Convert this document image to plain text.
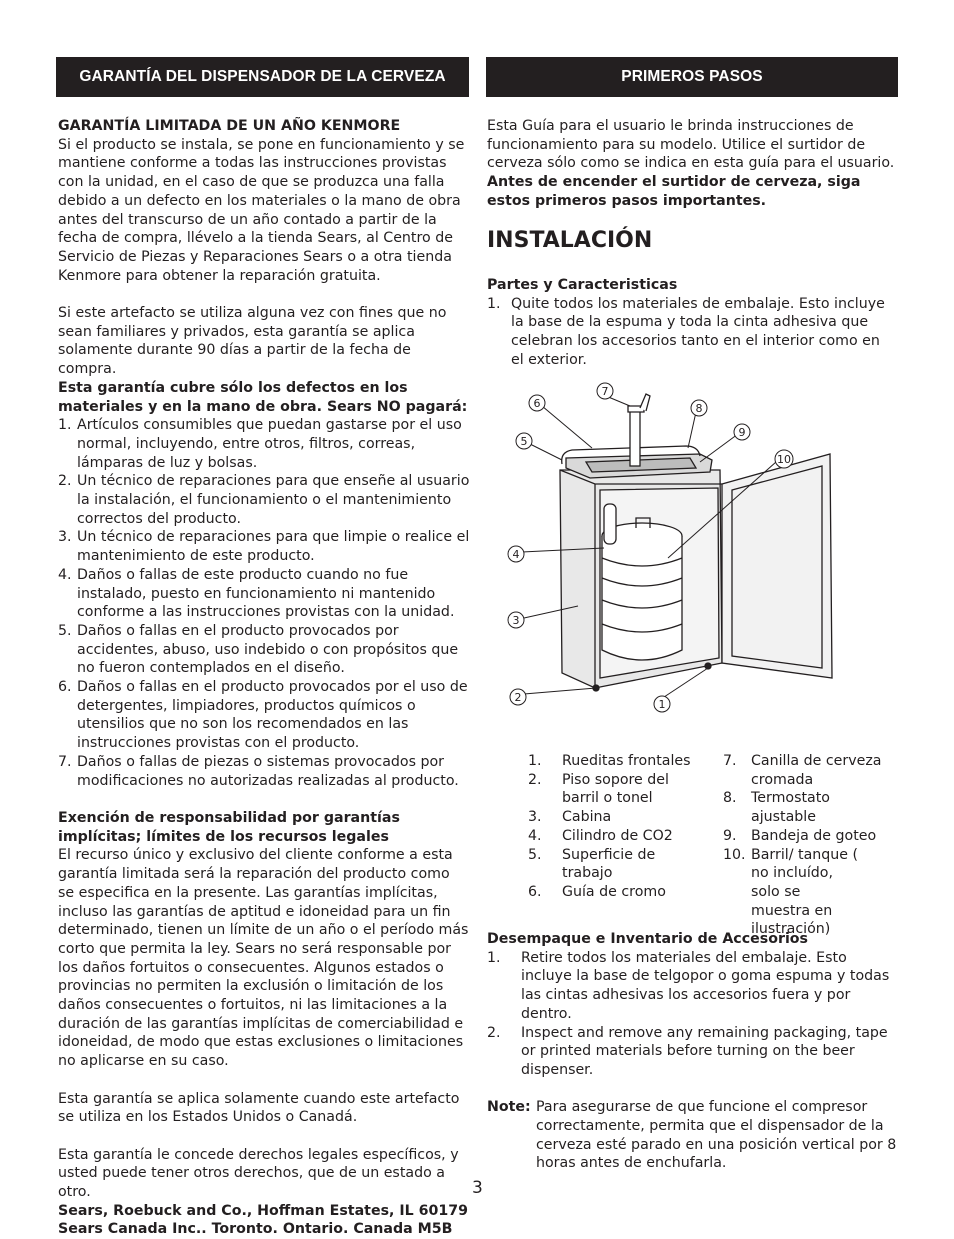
GARANTÍA DEL DISPENSADOR DE LA CERVEZA	PRIMEROS PASOS

GARANTÍA LIMITADA DE UN AÑO KENMORE

Si el producto se instala, se pone en funcionamiento y se mantiene conforme a todas las instrucciones provistas con la unidad, en el caso de que se produzca una falla debido a un defecto en los materiales o la mano de obra antes del transcurso de un año contado a partir de la fecha de compra, llévelo a la tienda Sears, al Centro de Servicio de Piezas y Reparaciones Sears o a otra tienda Kenmore para obtener la reparación gratuita.

Si este artefacto se utiliza alguna vez con fines que no sean familiares y privados, esta garantía se aplica solamente durante 90 días a partir de la fecha de compra.

Esta garantía cubre sólo los defectos en los materiales y en la mano de obra. Sears NO pagará:

1. Artículos consumibles que puedan gastarse por el uso normal, incluyendo, entre otros, filtros, correas, lámparas de luz y bolsas.
2. Un técnico de reparaciones para que enseñe al usuario la instalación, el funcionamiento o el mantenimiento correctos del producto.
3. Un técnico de reparaciones para que limpie o realice el mantenimiento de este producto.
4. Daños o fallas de este producto cuando no fue instalado, puesto en funcionamiento ni mantenido conforme a las instrucciones provistas con la unidad.
5. Daños o fallas en el producto provocados por accidentes, abuso, uso indebido o con propósitos que no fueron contemplados en el diseño.
6. Daños o fallas en el producto provocados por el uso de detergentes, limpiadores, productos químicos o utensilios que no son los recomendados en las instrucciones provistas con el producto.
7. Daños o fallas de piezas o sistemas provocados por modificaciones no autorizadas realizadas al producto.

Exención de responsabilidad por garantías implícitas; límites de los recursos legales

El recurso único y exclusivo del cliente conforme a esta garantía limitada será la reparación del producto como se especifica en la presente. Las garantías implícitas, incluso las garantías de aptitud e idoneidad para un fin determinado, tienen un límite de un año o el período más corto que permita la ley. Sears no será responsable por los daños fortuitos o consecuentes. Algunos estados o provincias no permiten la exclusión o limitación de los daños consecuentes o fortuitos, ni las limitaciones a la duración de las garantías implícitas de comerciabilidad e idoneidad, de modo que estas exclusiones o limitaciones no aplicarse en su caso.

Esta garantía se aplica solamente cuando este artefacto se utiliza en los Estados Unidos o Canadá.

Esta garantía le concede derechos legales específicos, y usted puede tener otros derechos, que de un estado a otro.

Sears, Roebuck and Co., Hoffman Estates, IL 60179

Sears Canada Inc.. Toronto. Ontario. Canada M5B

Esta Guía para el usuario le brinda instrucciones de funcionamiento para su modelo. Utilice el surtidor de cerveza sólo como se indica en esta guía para el usuario. Antes de encender el surtidor de cerveza, siga estos primeros pasos importantes.

INSTALACIÓN

Partes y Caracteristicas

1. Quite todos los materiales de embalaje. Esto incluye la base de la espuma y toda la cinta adhesiva que celebran los accesorios tanto en el interior como en el exterior.
1
2
3
4
5
6
7
8
9
10
1. Rueditas frontales
2. Piso sopore del barril o tonel
3. Cabina
4. Cilindro de CO2
5. Superficie de trabajo
6. Guía de cromo
7. Canilla de cerveza cromada
8. Termostato ajustable
9. Bandeja de goteo
10. Barril/ tanque ( no incluído, solo se muestra en ilustración)

Desempaque e Inventario de Accesorios

1. Retire todos los materiales del embalaje. Esto incluye la base de telgopor o goma espuma y todas las cintas adhesivas los accesorios fuera y por dentro.
2. Inspect and remove any remaining packaging, tape or printed materials before turning on the beer dispenser.
Note: Para asegurarse de que funcione el compresor correctamente, permita que el dispensador de la cerveza esté parado en una posición vertical por 8 horas antes de enchufarla.
3
